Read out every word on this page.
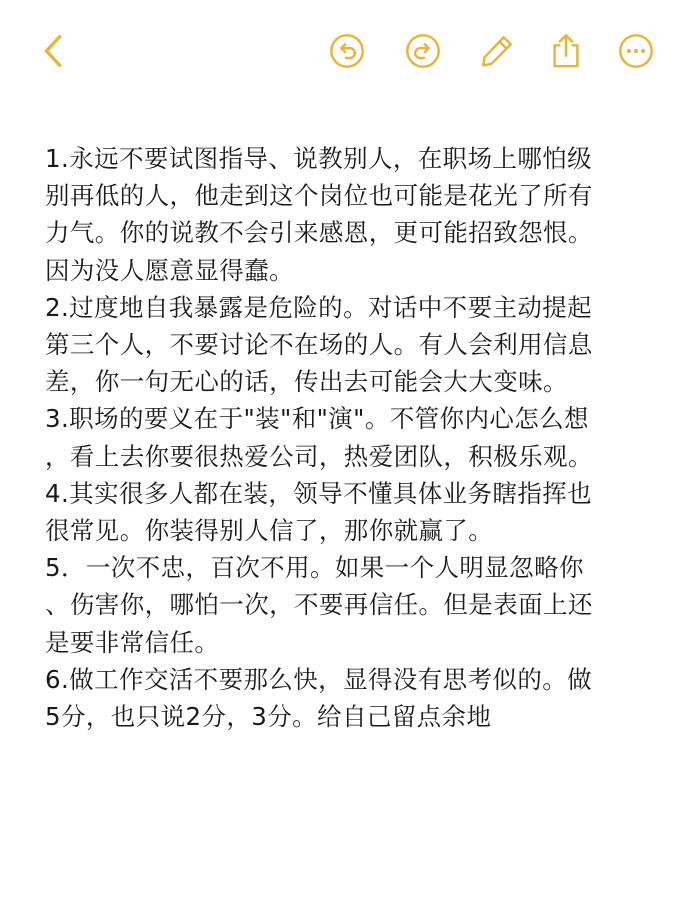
1.永远不要试图指导、说教别人，在职场上哪怕级

别再低的人，他走到这个岗位也可能是花光了所有

力气。你的说教不会引来感恩，更可能招致怨恨。

因为没人愿意显得蠢。

2.过度地自我暴露是危险的。对话中不要主动提起

第三个人，不要讨论不在场的人。有人会利用信息

差，你一句无心的话，传出去可能会大大变味。

3.职场的要义在于"装"和"演"。不管你内心怎么想

，看上去你要很热爱公司，热爱团队，积极乐观。

4.其实很多人都在装，领导不懂具体业务瞎指挥也

很常见。你装得别人信了，那你就赢了。

5．一次不忠，百次不用。如果一个人明显忽略你

、伤害你，哪怕一次，不要再信任。但是表面上还

是要非常信任。

6.做工作交活不要那么快，显得没有思考似的。做

5分，也只说2分，3分。给自己留点余地
